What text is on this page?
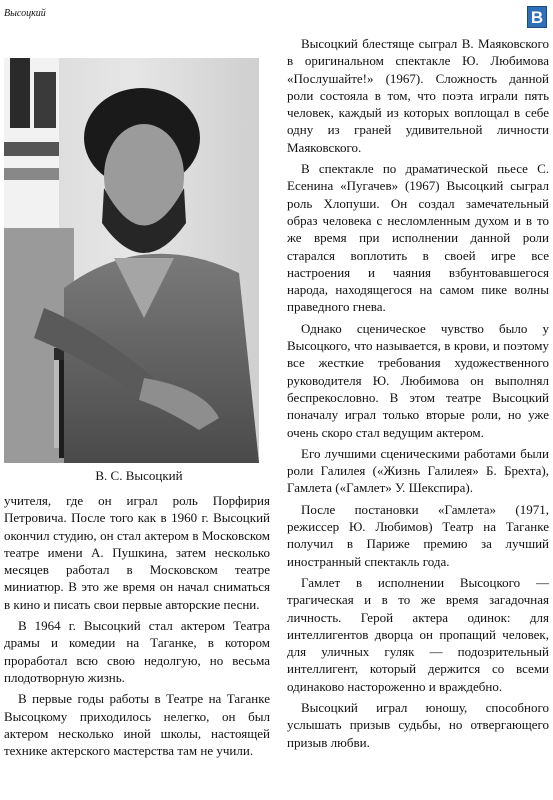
Высоцкий	В
В. С. Высоцкий

учителя, где он играл роль Порфирия Петровича. После того как в 1960 г. Высоцкий окончил студию, он стал актером в Московском театре имени А. Пушкина, затем несколько месяцев работал в Московском театре миниатюр. В это же время он начал сниматься в кино и писать свои первые авторские песни.

В 1964 г. Высоцкий стал актером Театра драмы и комедии на Таганке, в котором проработал всю свою недолгую, но весьма плодотворную жизнь.

В первые годы работы в Театре на Таганке Высоцкому приходилось нелегко, он был актером несколько иной школы, настоящей технике актерского мастерства там не учили.

Высоцкий блестяще сыграл В. Маяковского в оригинальном спектакле Ю. Любимова «Послушайте!» (1967). Сложность данной роли состояла в том, что поэта играли пять человек, каждый из которых воплощал в себе одну из граней удивительной личности Маяковского.

В спектакле по драматической пьесе С. Есенина «Пугачев» (1967) Высоцкий сыграл роль Хлопуши. Он создал замечательный образ человека с несломленным духом и в то же время при исполнении данной роли старался воплотить в своей игре все настроения и чаяния взбунтовавшегося народа, находящегося на самом пике волны праведного гнева.

Однако сценическое чувство было у Высоцкого, что называется, в крови, и поэтому все жесткие требования художественного руководителя Ю. Любимова он выполнял беспрекословно. В этом театре Высоцкий поначалу играл только вторые роли, но уже очень скоро стал ведущим актером.

Его лучшими сценическими работами были роли Галилея («Жизнь Галилея» Б. Брехта), Гамлета («Гамлет» У. Шекспира).

После постановки «Гамлета» (1971, режиссер Ю. Любимов) Театр на Таганке получил в Париже премию за лучший иностранный спектакль года.

Гамлет в исполнении Высоцкого — трагическая и в то же время загадочная личность. Герой актера одинок: для интеллигентов дворца он пропащий человек, для уличных гуляк — подозрительный интеллигент, который держится со всеми одинаково настороженно и враждебно.

Высоцкий играл юношу, способного услышать призыв судьбы, но отвергающего призыв любви.
